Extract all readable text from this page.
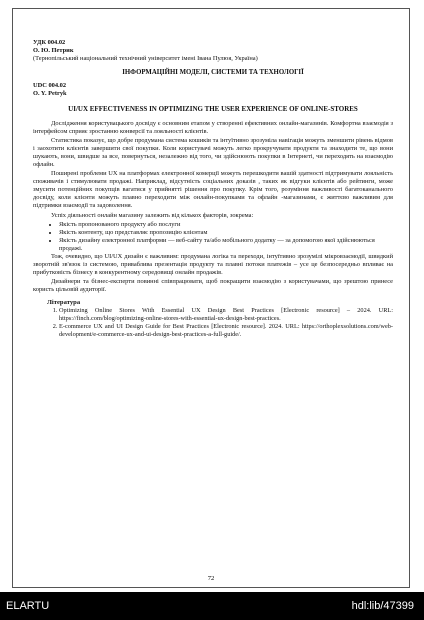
УДК 004.02

О. Ю. Петрик

(Тернопільський національний технічний університет імені Івана Пулюя, Україна)

ІНФОРМАЦІЙНІ МОДЕЛІ, СИСТЕМИ ТА ТЕХНОЛОГІЇ

UDC 004.02

O. Y. Petryk

UI/UX EFFECTIVENESS IN OPTIMIZING THE USER EXPERIENCE OF ONLINE-STORES

Дослідження користувацького досвіду є основним етапом у створенні ефективних онлайн-магазинів. Комфортна взаємодія з інтерфейсом сприяє зростанню конверсії та лояльності клієнтів.

Статистика показує, що добре продумана система кошиків та інтуїтивно зрозуміла навігація можуть зменшити рівень відмов і заохотити клієнтів завершити свої покупки. Коли користувачі можуть легко прокручувати продукти та знаходити те, що вони шукають, вони, швидше за все, повернуться, незалежно від того, чи здійснюють покупки в Інтернеті, чи переходять на взаємодію офлайн.

Поширені проблеми UX на платформах електронної комерції можуть перешкодити вашій здатності підтримувати лояльність споживачів і стимулювати продажі. Наприклад, відсутність соціальних доказів , таких як відгуки клієнтів або рейтинги, може змусити потенційних покупців вагатися у прийнятті рішення про покупку. Крім того, розуміння важливості багатоканального досвіду, коли клієнти можуть плавно переходити між онлайн-покупками та офлайн -магазинами, є життєво важливим для підтримки взаємодії та задоволення.

Успіх діяльності онлайн магазину залежить від кількох факторів, зокрема:

• Якість пропонованого продукту або послуги
• Якість контенту, що представляє пропозицію клієнтам
• Якість дизайну електронної платформи — веб-сайту та/або мобільного додатку — за допомогою якої здійснюються продажі.

Тож, очевидно, що UI/UX дизайн є важливим: продумана логіка та переходи, інтуїтивно зрозумілі мікровзаємодії, швидкий зворотній зв'язок із системою, приваблива презентація продукту та плавні потоки платежів – усе це безпосередньо впливає на прибутковість бізнесу в конкурентному середовищі онлайн продажів.

Дизайнери та бізнес-експерти повинні співпрацювати, щоб покращити взаємодію з користувачами, що зрештою принесе користь цільовій аудиторії.

Література
1. Optimizing Online Stores With Essential UX Design Best Practices [Electronic resource] – 2024. URL: https://finch.com/blog/optimizing-online-stores-with-essential-ux-design-best-practices.
2. E-commerce UX and UI Design Guide for Best Practices [Electronic resource]. 2024. URL: https://orthoplexsolutions.com/web-development/e-commerce-ux-and-ui-design-best-practices-a-full-guide/.
72
ELARTU	hdl:lib/47399
